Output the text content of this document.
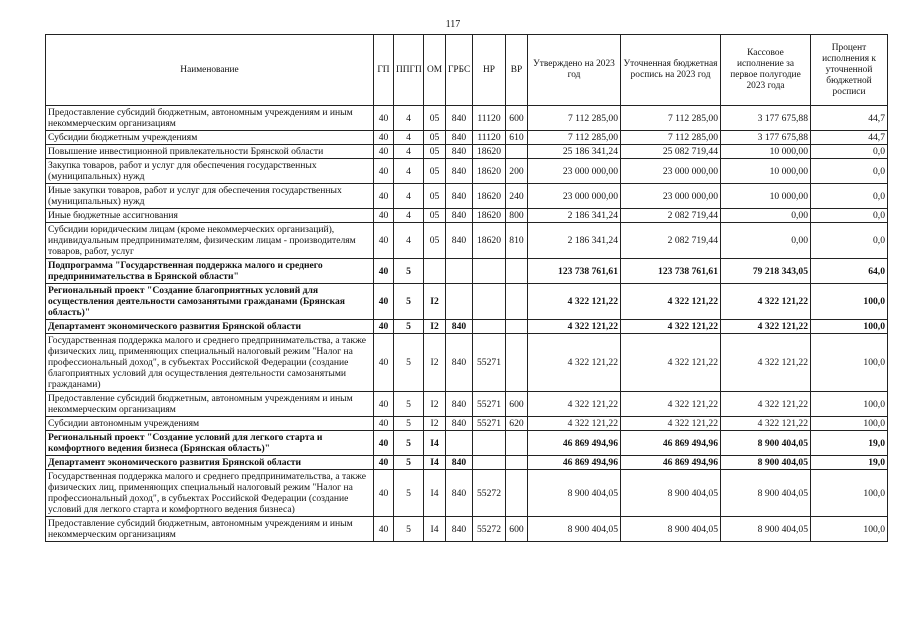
117
Наименование	ГП	ППГП	ОМ	ГРБС	НР	ВР	Утверждено на 2023 год	Уточненная бюджетная роспись на 2023 год	Кассовое исполнение за первое полугодие 2023 года	Процент исполнения к уточненной бюджетной росписи
Предоставление субсидий бюджетным, автономным учреждениям и иным некоммерческим организациям	40	4	05	840	11120	600	7 112 285,00	7 112 285,00	3 177 675,88	44,7
Субсидии бюджетным учреждениям	40	4	05	840	11120	610	7 112 285,00	7 112 285,00	3 177 675,88	44,7
Повышение инвестиционной привлекательности Брянской области	40	4	05	840	18620		25 186 341,24	25 082 719,44	10 000,00	0,0
Закупка товаров, работ и услуг для обеспечения государственных (муниципальных) нужд	40	4	05	840	18620	200	23 000 000,00	23 000 000,00	10 000,00	0,0
Иные закупки товаров, работ и услуг для обеспечения государственных (муниципальных) нужд	40	4	05	840	18620	240	23 000 000,00	23 000 000,00	10 000,00	0,0
Иные бюджетные ассигнования	40	4	05	840	18620	800	2 186 341,24	2 082 719,44	0,00	0,0
Субсидии юридическим лицам (кроме некоммерческих организаций), индивидуальным предпринимателям, физическим лицам - производителям товаров, работ, услуг	40	4	05	840	18620	810	2 186 341,24	2 082 719,44	0,00	0,0
Подпрограмма "Государственная поддержка малого и среднего предпринимательства в Брянской области"	40	5					123 738 761,61	123 738 761,61	79 218 343,05	64,0
Региональный проект "Создание благоприятных условий для осуществления деятельности самозанятыми гражданами (Брянская область)"	40	5	I2				4 322 121,22	4 322 121,22	4 322 121,22	100,0
Департамент экономического развития Брянской области	40	5	I2	840			4 322 121,22	4 322 121,22	4 322 121,22	100,0
Государственная поддержка малого и среднего предпринимательства, а также физических лиц, применяющих специальный налоговый режим "Налог на профессиональный доход", в субъектах Российской Федерации (создание благоприятных условий для осуществления деятельности самозанятыми гражданами)	40	5	I2	840	55271		4 322 121,22	4 322 121,22	4 322 121,22	100,0
Предоставление субсидий бюджетным, автономным учреждениям и иным некоммерческим организациям	40	5	I2	840	55271	600	4 322 121,22	4 322 121,22	4 322 121,22	100,0
Субсидии автономным учреждениям	40	5	I2	840	55271	620	4 322 121,22	4 322 121,22	4 322 121,22	100,0
Региональный проект "Создание условий для легкого старта и комфортного ведения бизнеса (Брянская область)"	40	5	I4				46 869 494,96	46 869 494,96	8 900 404,05	19,0
Департамент экономического развития Брянской области	40	5	I4	840			46 869 494,96	46 869 494,96	8 900 404,05	19,0
Государственная поддержка малого и среднего предпринимательства, а также физических лиц, применяющих специальный налоговый режим "Налог на профессиональный доход", в субъектах Российской Федерации (создание условий для легкого старта и комфортного ведения бизнеса)	40	5	I4	840	55272		8 900 404,05	8 900 404,05	8 900 404,05	100,0
Предоставление субсидий бюджетным, автономным учреждениям и иным некоммерческим организациям	40	5	I4	840	55272	600	8 900 404,05	8 900 404,05	8 900 404,05	100,0
